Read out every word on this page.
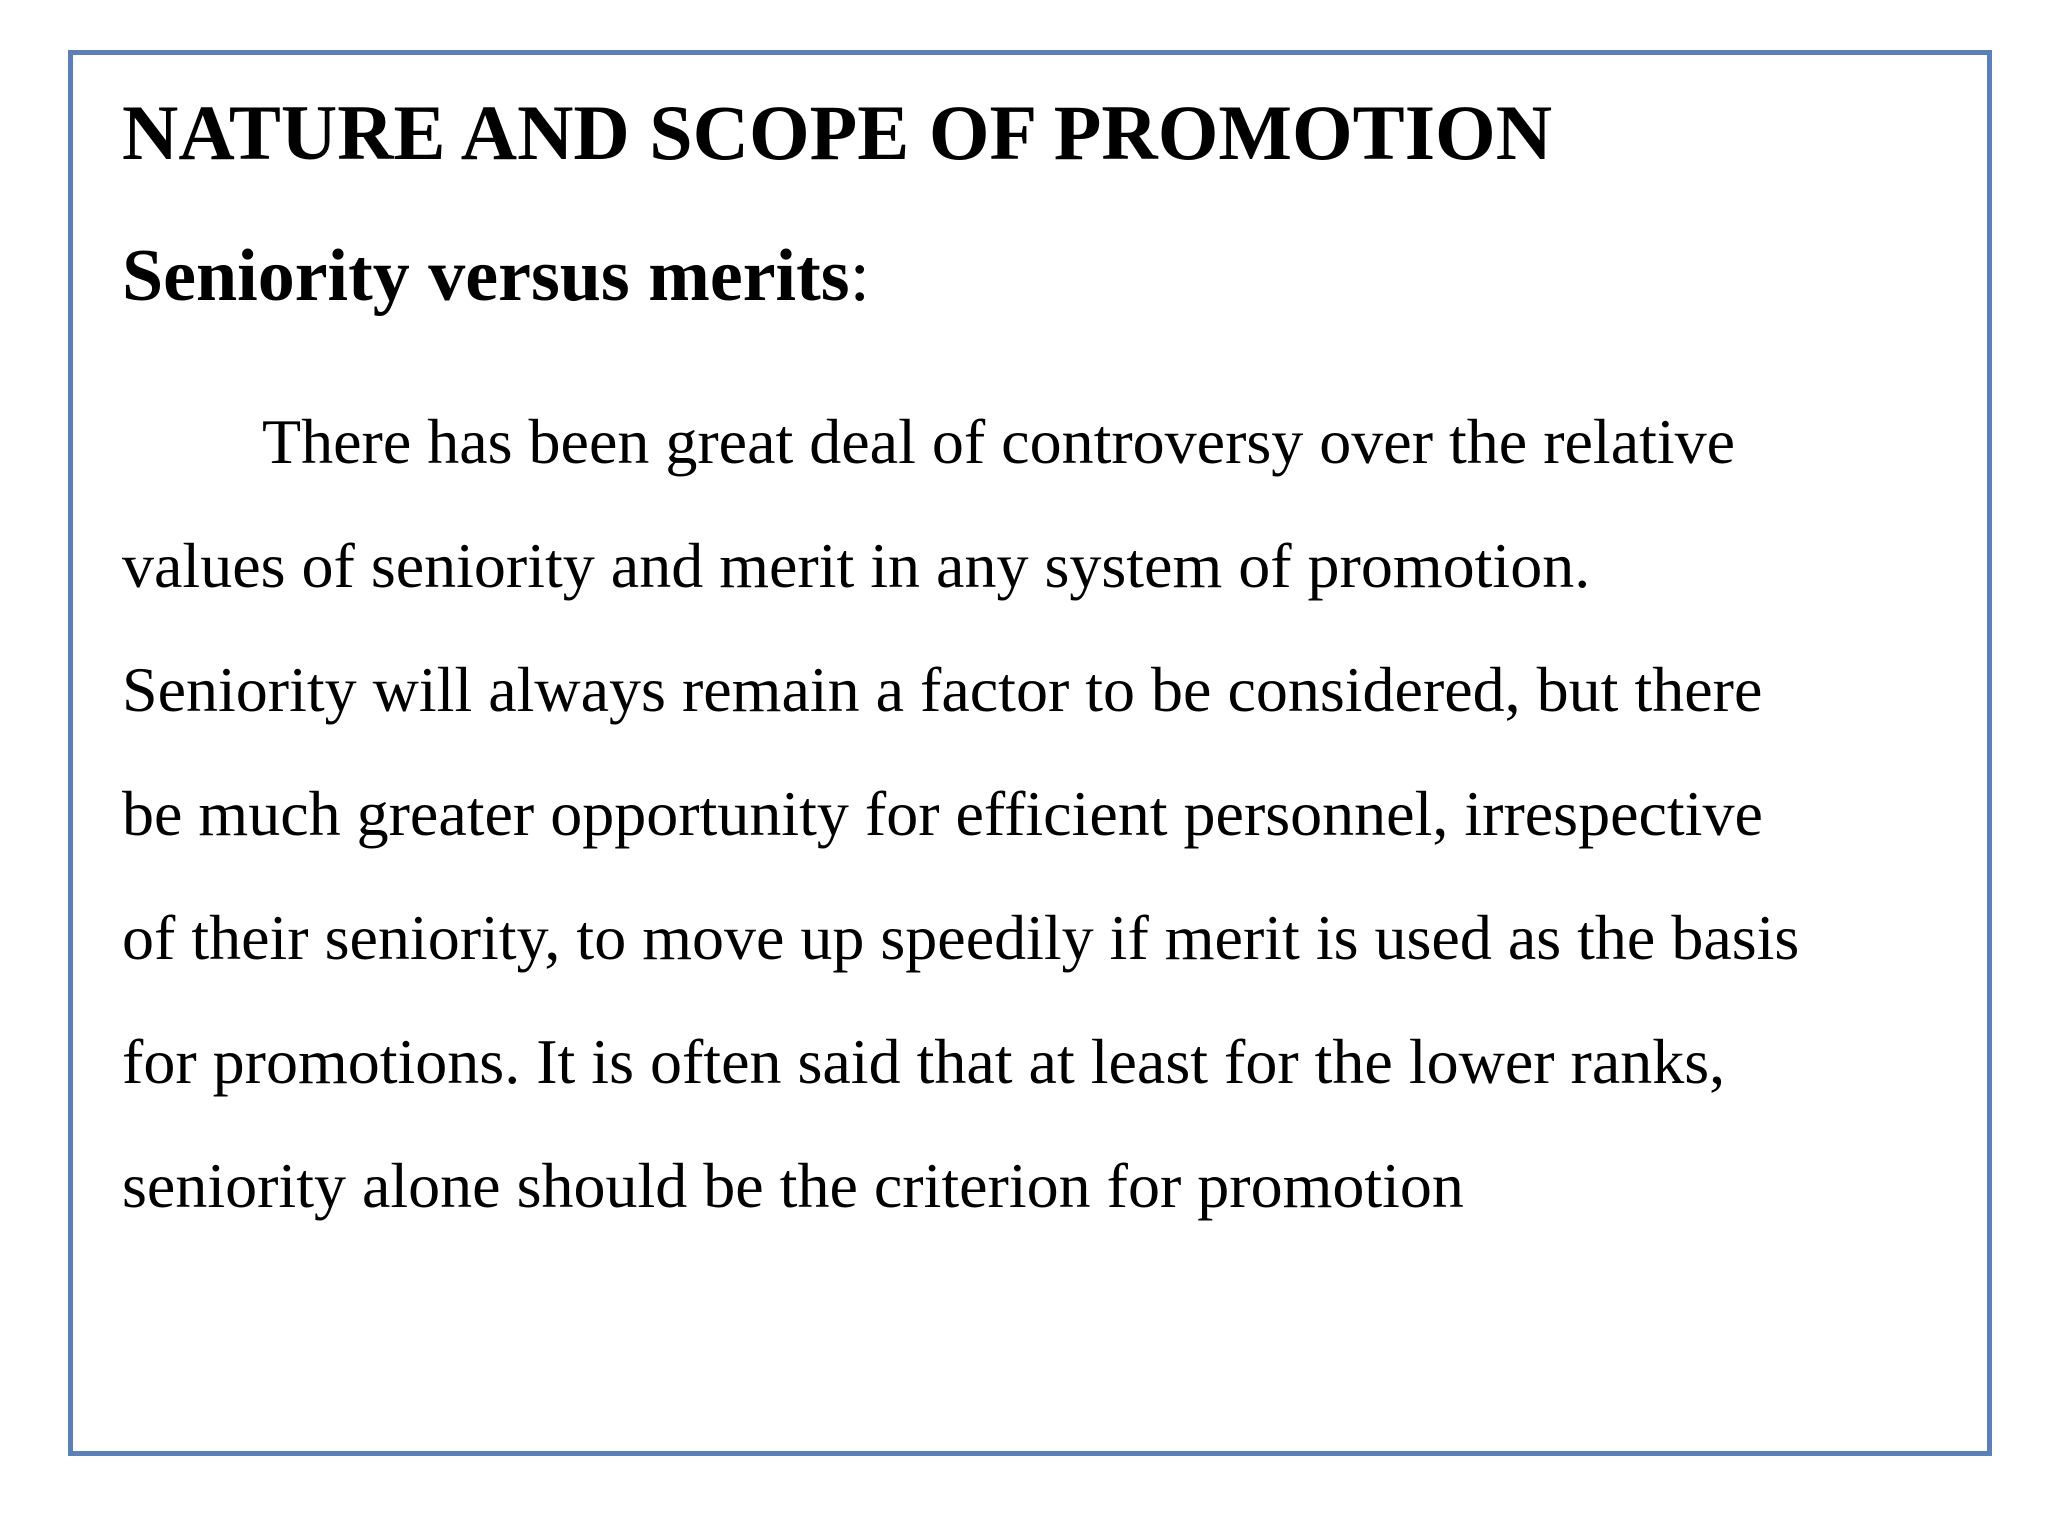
NATURE AND SCOPE OF PROMOTION
Seniority versus merits:

There has been great deal of controversy over the relative
values of seniority and merit in any system of promotion.
Seniority will always remain a factor to be considered, but there
be much greater opportunity for efficient personnel, irrespective
of their seniority, to move up speedily if merit is used as the basis
for promotions. It is often said that at least for the lower ranks,
seniority alone should be the criterion for promotion
